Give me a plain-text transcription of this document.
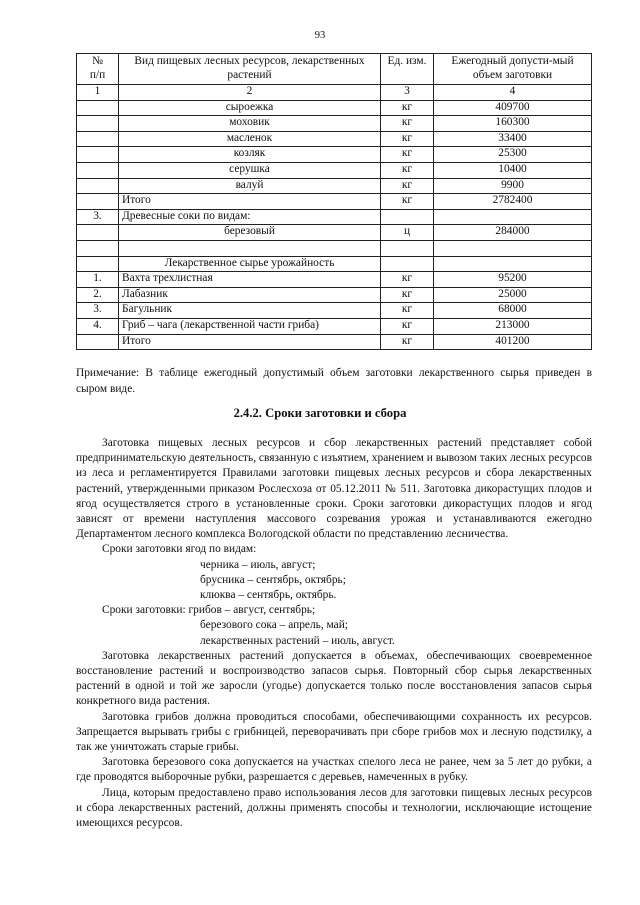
93
№
п/п	Вид пищевых лесных ресурсов, лекарственных растений	Ед. изм.	Ежегодный допусти-мый объем заготовки
1	2	3	4
	сыроежка	кг	409700
	моховик	кг	160300
	масленок	кг	33400
	козляк	кг	25300
	серушка	кг	10400
	валуй	кг	9900
	Итого	кг	2782400
3.	Древесные соки по видам:		
	березовый	ц	284000

	Лекарственное сырье урожайность		
1.	Вахта трехлистная	кг	95200
2.	Лабазник	кг	25000
3.	Багульник	кг	68000
4.	Гриб – чага (лекарственной части гриба)	кг	213000
	Итого	кг	401200
Примечание: В таблице ежегодный допустимый объем заготовки лекарственного сырья приведен в сыром виде.
2.4.2. Сроки заготовки и сбора

Заготовка пищевых лесных ресурсов и сбор лекарственных растений представляет собой предпринимательскую деятельность, связанную с изъятием, хранением и вывозом таких лесных ресурсов из леса и регламентируется Правилами заготовки пищевых лесных ресурсов и сбора лекарственных растений, утвержденными приказом Рослесхоза от 05.12.2011 № 511. Заготовка дикорастущих плодов и ягод осуществляется строго в установленные сроки. Сроки заготовки дикорастущих плодов и ягод зависят от времени наступления массового созревания урожая и устанавливаются ежегодно Департаментом лесного комплекса Вологодской области по представлению лесничества.

Сроки заготовки ягод по видам:

черника – июль, август;

брусника – сентябрь, октябрь;

клюква – сентябрь, октябрь.

Сроки заготовки: грибов – август, сентябрь;

березового сока – апрель, май;

лекарственных растений – июль, август.

Заготовка лекарственных растений допускается в объемах, обеспечивающих своевременное восстановление растений и воспроизводство запасов сырья. Повторный сбор сырья лекарственных растений в одной и той же заросли (угодье) допускается только после восстановления запасов сырья конкретного вида растения.

Заготовка грибов должна проводиться способами, обеспечивающими сохранность их ресурсов. Запрещается вырывать грибы с грибницей, переворачивать при сборе грибов мох и лесную подстилку, а так же уничтожать старые грибы.

Заготовка березового сока допускается на участках спелого леса не ранее, чем за 5 лет до рубки, а где проводятся выборочные рубки, разрешается с деревьев, намеченных в рубку.

Лица, которым предоставлено право использования лесов для заготовки пищевых лесных ресурсов и сбора лекарственных растений, должны применять способы и технологии, исключающие истощение имеющихся ресурсов.
